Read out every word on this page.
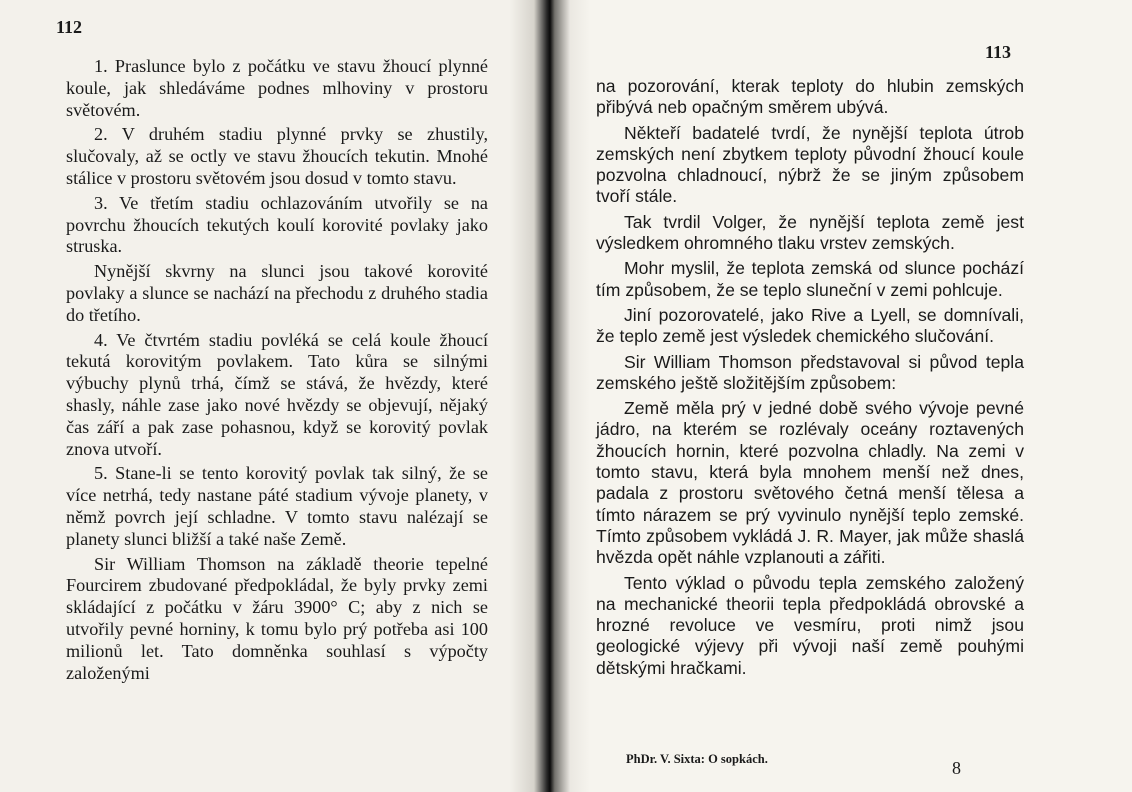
112
113

1. Praslunce bylo z počátku ve stavu žhoucí plynné koule, jak shledáváme podnes mlhoviny v prostoru světovém.

2. V druhém stadiu plynné prvky se zhustily, slučovaly, až se octly ve stavu žhoucích tekutin. Mnohé stálice v prostoru světovém jsou dosud v tomto stavu.

3. Ve třetím stadiu ochlazováním utvořily se na povrchu žhoucích tekutých koulí korovité povlaky jako struska.

Nynější skvrny na slunci jsou takové korovité povlaky a slunce se nachází na přechodu z druhého stadia do třetího.

4. Ve čtvrtém stadiu povléká se celá koule žhoucí tekutá korovitým povlakem. Tato kůra se silnými výbuchy plynů trhá, čímž se stává, že hvězdy, které shasly, náhle zase jako nové hvězdy se objevují, nějaký čas září a pak zase pohasnou, když se korovitý povlak znova utvoří.

5. Stane-li se tento korovitý povlak tak silný, že se více netrhá, tedy nastane páté stadium vývoje planety, v němž povrch její schladne. V tomto stavu nalézají se planety slunci bližší a také naše Země.

Sir William Thomson na základě theorie tepelné Fourcirem zbudované předpokládal, že byly prvky zemi skládající z počátku v žáru 3900° C; aby z nich se utvořily pevné horniny, k tomu bylo prý potřeba asi 100 milionů let. Tato domněnka souhlasí s výpočty založenými

na pozorování, kterak teploty do hlubin zemských přibývá neb opačným směrem ubývá.

Někteří badatelé tvrdí, že nynější teplota útrob zemských není zbytkem teploty původní žhoucí koule pozvolna chladnoucí, nýbrž že se jiným způsobem tvoří stále.

Tak tvrdil Volger, že nynější teplota země jest výsledkem ohromného tlaku vrstev zemských.

Mohr myslil, že teplota zemská od slunce pochází tím způsobem, že se teplo sluneční v zemi pohlcuje.

Jiní pozorovatelé, jako Rive a Lyell, se domnívali, že teplo země jest výsledek chemického slučování.

Sir William Thomson představoval si původ tepla zemského ještě složitějším způsobem:

Země měla prý v jedné době svého vývoje pevné jádro, na kterém se rozlévaly oceány roztavených žhoucích hornin, které pozvolna chladly. Na zemi v tomto stavu, která byla mnohem menší než dnes, padala z prostoru světového četná menší tělesa a tímto nárazem se prý vyvinulo nynější teplo zemské. Tímto způsobem vykládá J. R. Mayer, jak může shaslá hvězda opět náhle vzplanouti a zářiti.

Tento výklad o původu tepla zemského založený na mechanické theorii tepla předpokládá obrovské a hrozné revoluce ve vesmíru, proti nimž jsou geologické výjevy při vývoji naší země pouhými dětskými hračkami.

PhDr. V. Sixta: O sopkách.	8
